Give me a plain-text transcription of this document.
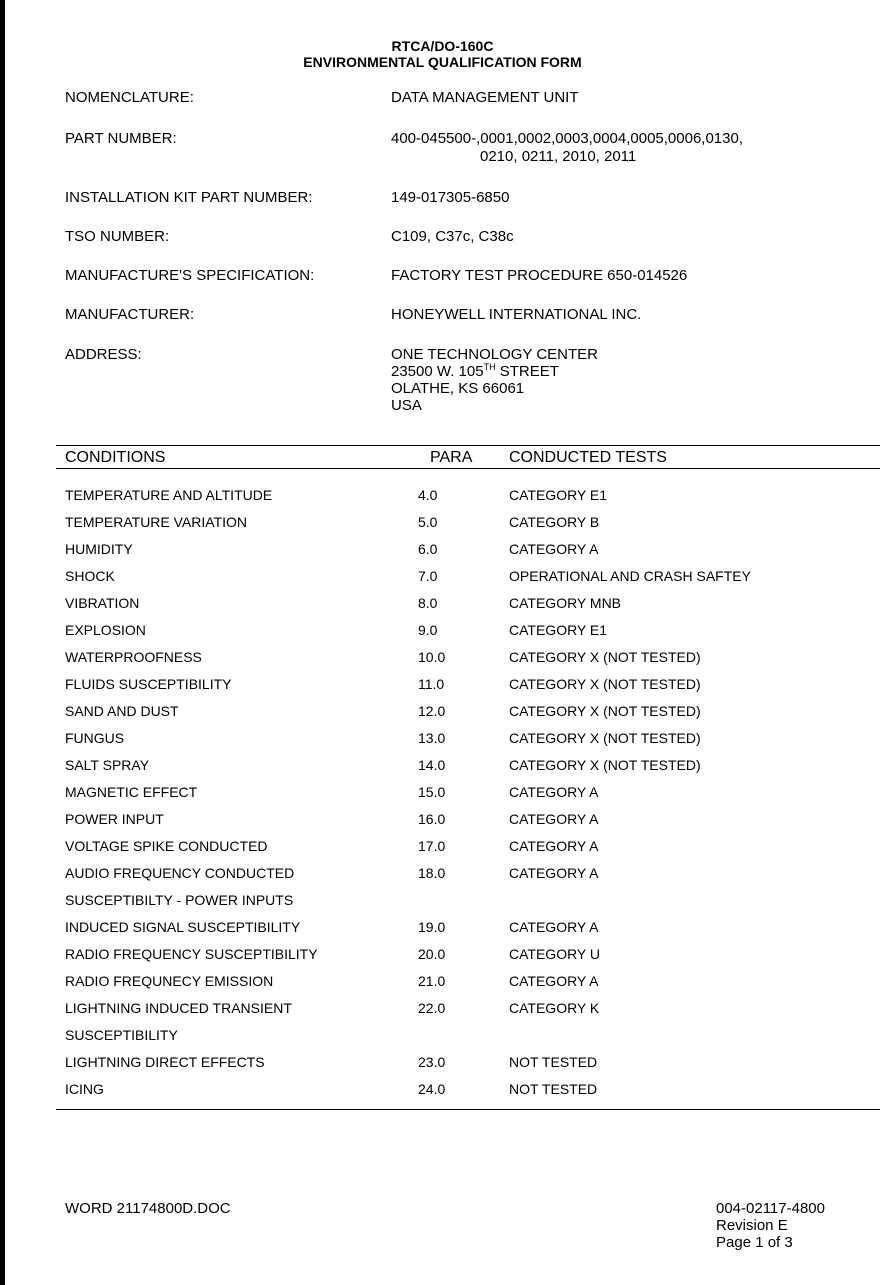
RTCA/DO-160C
ENVIRONMENTAL QUALIFICATION FORM
NOMENCLATURE:	DATA MANAGEMENT UNIT
PART NUMBER:	400-045500-,0001,0002,0003,0004,0005,0006,0130,
0210, 0211, 2010, 2011
INSTALLATION KIT PART NUMBER:	149-017305-6850
TSO NUMBER:	C109, C37c, C38c
MANUFACTURE'S SPECIFICATION:	FACTORY TEST PROCEDURE 650-014526
MANUFACTURER:	HONEYWELL INTERNATIONAL INC.
ADDRESS:	ONE TECHNOLOGY CENTER
23500 W. 105TH STREET
OLATHE, KS 66061
USA
CONDITIONS	PARA CONDUCTED TESTS
TEMPERATURE AND ALTITUDE	4.0	CATEGORY E1
TEMPERATURE VARIATION	5.0	CATEGORY B
HUMIDITY	6.0	CATEGORY A
SHOCK	7.0	OPERATIONAL AND CRASH SAFTEY
VIBRATION	8.0	CATEGORY MNB
EXPLOSION	9.0	CATEGORY E1
WATERPROOFNESS	10.0	CATEGORY X (NOT TESTED)
FLUIDS SUSCEPTIBILITY	11.0	CATEGORY X (NOT TESTED)
SAND AND DUST	12.0	CATEGORY X (NOT TESTED)
FUNGUS	13.0	CATEGORY X (NOT TESTED)
SALT SPRAY	14.0	CATEGORY X (NOT TESTED)
MAGNETIC EFFECT	15.0	CATEGORY A
POWER INPUT	16.0	CATEGORY A
VOLTAGE SPIKE CONDUCTED	17.0	CATEGORY A
AUDIO FREQUENCY CONDUCTED	18.0	CATEGORY A
SUSCEPTIBILTY - POWER INPUTS
INDUCED SIGNAL SUSCEPTIBILITY	19.0	CATEGORY A
RADIO FREQUENCY SUSCEPTIBILITY	20.0	CATEGORY U
RADIO FREQUNECY EMISSION	21.0	CATEGORY A
LIGHTNING INDUCED TRANSIENT	22.0	CATEGORY K
SUSCEPTIBILITY
LIGHTNING DIRECT EFFECTS	23.0	NOT TESTED
ICING	24.0	NOT TESTED
WORD 21174800D.DOC	004-02117-4800
Revision E
Page 1 of 3
